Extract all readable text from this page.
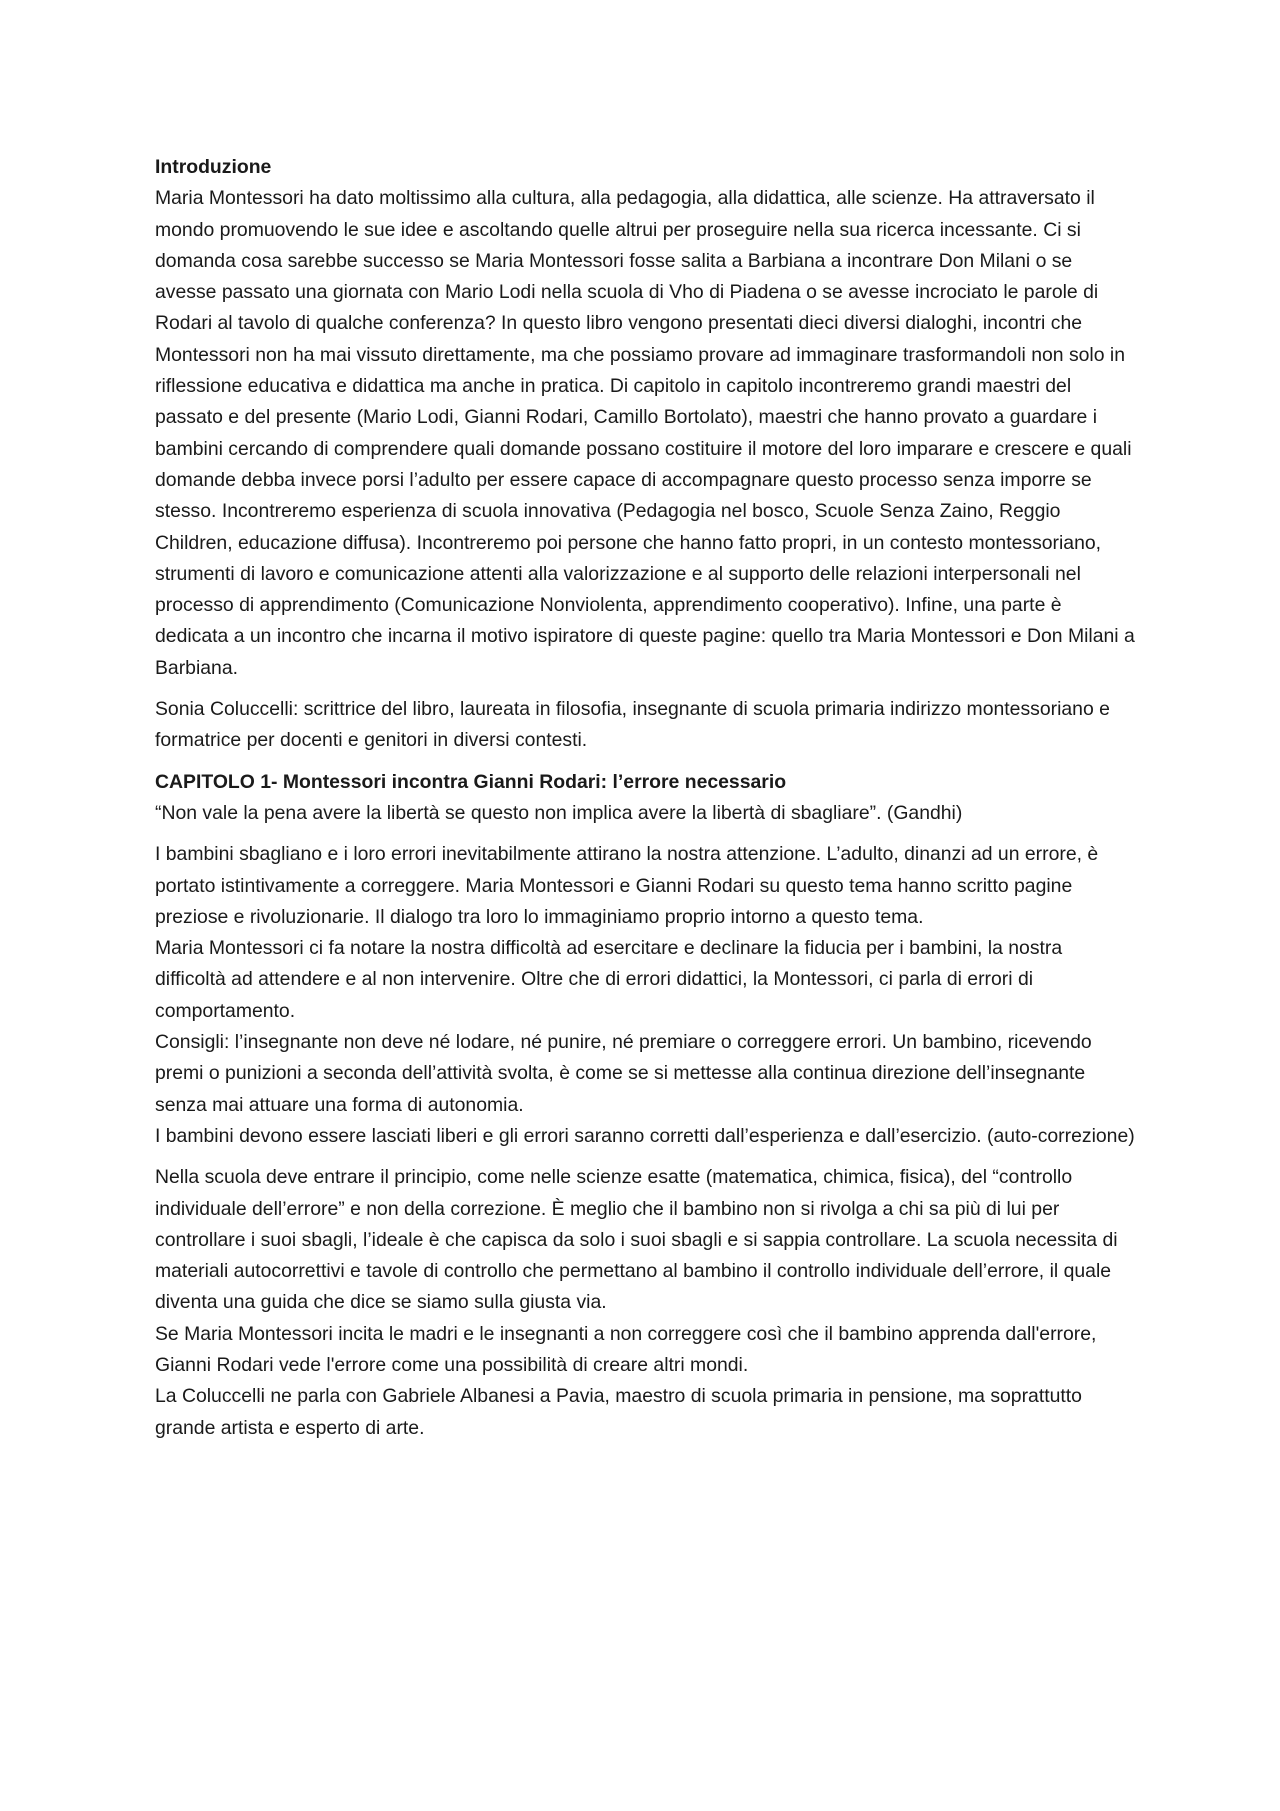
Introduzione

Maria Montessori ha dato moltissimo alla cultura, alla pedagogia, alla didattica, alle scienze. Ha attraversato il mondo promuovendo le sue idee e ascoltando quelle altrui per proseguire nella sua ricerca incessante. Ci si domanda cosa sarebbe successo se Maria Montessori fosse salita a Barbiana a incontrare Don Milani o se avesse passato una giornata con Mario Lodi nella scuola di Vho di Piadena o se avesse incrociato le parole di Rodari al tavolo di qualche conferenza? In questo libro vengono presentati dieci diversi dialoghi, incontri che Montessori non ha mai vissuto direttamente, ma che possiamo provare ad immaginare trasformandoli non solo in riflessione educativa e didattica ma anche in pratica. Di capitolo in capitolo incontreremo grandi maestri del passato e del presente (Mario Lodi, Gianni Rodari, Camillo Bortolato), maestri che hanno provato a guardare i bambini cercando di comprendere quali domande possano costituire il motore del loro imparare e crescere e quali domande debba invece porsi l’adulto per essere capace di accompagnare questo processo senza imporre se stesso. Incontreremo esperienza di scuola innovativa (Pedagogia nel bosco, Scuole Senza Zaino, Reggio Children, educazione diffusa). Incontreremo poi persone che hanno fatto propri, in un contesto montessoriano, strumenti di lavoro e comunicazione attenti alla valorizzazione e al supporto delle relazioni interpersonali nel processo di apprendimento (Comunicazione Nonviolenta, apprendimento cooperativo). Infine, una parte è dedicata a un incontro che incarna il motivo ispiratore di queste pagine: quello tra Maria Montessori e Don Milani a Barbiana.

Sonia Coluccelli: scrittrice del libro, laureata in filosofia, insegnante di scuola primaria indirizzo montessoriano e formatrice per docenti e genitori in diversi contesti.

CAPITOLO 1- Montessori incontra Gianni Rodari: l’errore necessario

“Non vale la pena avere la libertà se questo non implica avere la libertà di sbagliare”. (Gandhi)

I bambini sbagliano e i loro errori inevitabilmente attirano la nostra attenzione. L’adulto, dinanzi ad un errore, è portato istintivamente a correggere. Maria Montessori e Gianni Rodari su questo tema hanno scritto pagine preziose e rivoluzionarie. Il dialogo tra loro lo immaginiamo proprio intorno a questo tema.

Maria Montessori ci fa notare la nostra difficoltà ad esercitare e declinare la fiducia per i bambini, la nostra difficoltà ad attendere e al non intervenire. Oltre che di errori didattici, la Montessori, ci parla di errori di comportamento.

Consigli: l’insegnante non deve né lodare, né punire, né premiare o correggere errori. Un bambino, ricevendo premi o punizioni a seconda dell’attività svolta, è come se si mettesse alla continua direzione dell’insegnante senza mai attuare una forma di autonomia.

I bambini devono essere lasciati liberi e gli errori saranno corretti dall’esperienza e dall’esercizio. (auto-correzione)

Nella scuola deve entrare il principio, come nelle scienze esatte (matematica, chimica, fisica), del “controllo individuale dell’errore” e non della correzione. È meglio che il bambino non si rivolga a chi sa più di lui per controllare i suoi sbagli, l’ideale è che capisca da solo i suoi sbagli e si sappia controllare. La scuola necessita di materiali autocorrettivi e tavole di controllo che permettano al bambino il controllo individuale dell’errore, il quale diventa una guida che dice se siamo sulla giusta via.

Se Maria Montessori incita le madri e le insegnanti a non correggere così che il bambino apprenda dall'errore, Gianni Rodari vede l'errore come una possibilità di creare altri mondi.

La Coluccelli ne parla con Gabriele Albanesi a Pavia, maestro di scuola primaria in pensione, ma soprattutto grande artista e esperto di arte.
